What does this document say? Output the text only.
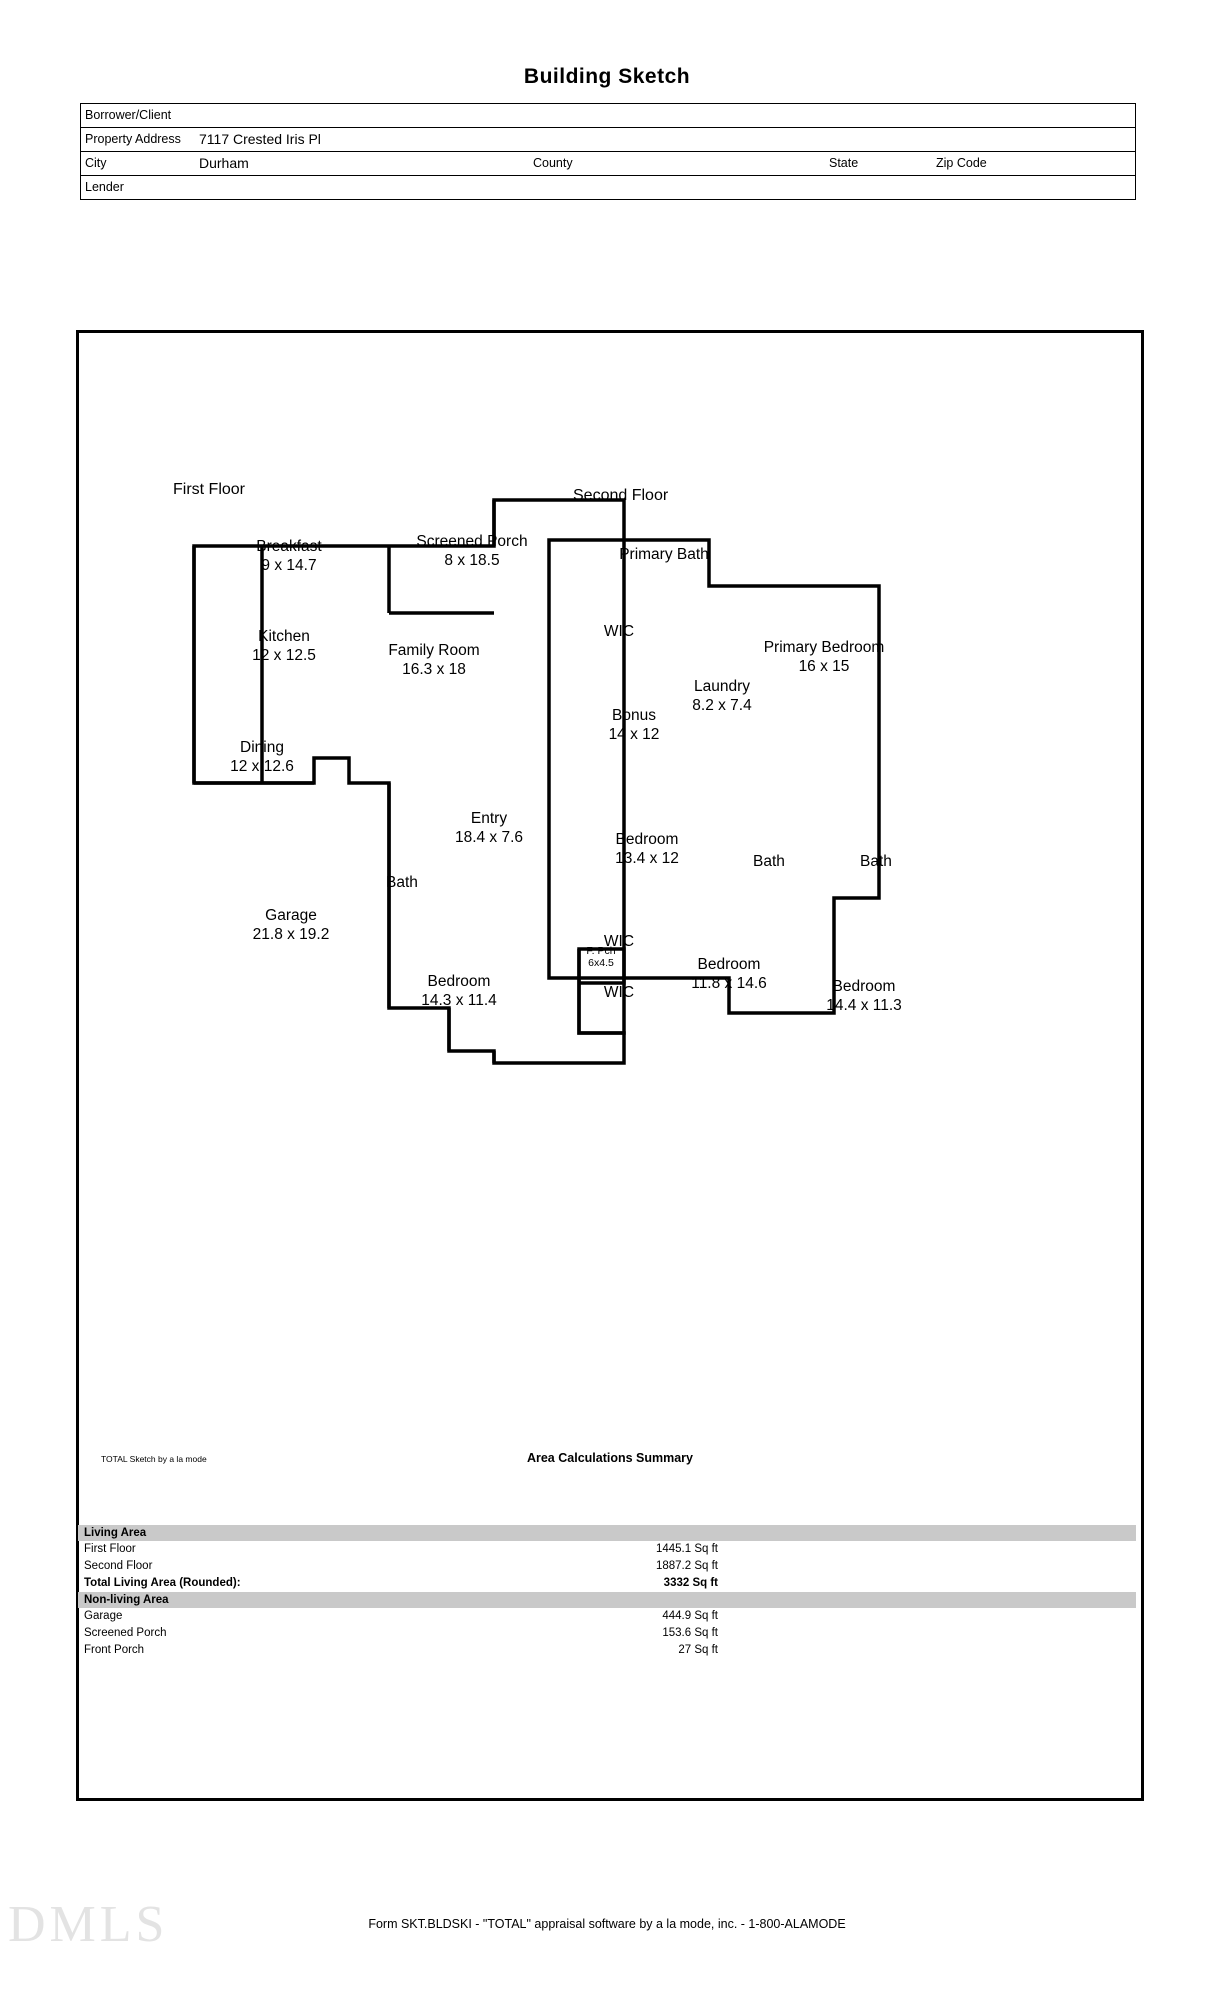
Building Sketch
Borrower/Client
Property Address 7117 Crested Iris Pl
City	Durham	County	State	Zip Code
Lender
First Floor	Second Floor
Breakfast
9 x 14.7
Screened Porch
8 x 18.5
Kitchen
12 x 12.5	Family Room
16.3 x 18
Dining
12 x 12.6
Entry
18.4 x 7.6
Bath
Garage
21.8 x 19.2
F. Pch
6x4.5
Bedroom
14.3 x 11.4
Primary Bath
WIC
Primary Bedroom
16 x 15
Laundry
8.2 x 7.4
Bonus
14 x 12
Bedroom
13.4 x 12	Bath	Bath
WIC
WIC
Bedroom
11.8 x 14.6	Bedroom
14.4 x 11.3
TOTAL Sketch by a la mode	Area Calculations Summary
Living Area
First Floor	1445.1 Sq ft
Second Floor	1887.2 Sq ft
Total Living Area (Rounded):	3332 Sq ft
Non-living Area
Garage	444.9 Sq ft
Screened Porch	153.6 Sq ft
Front Porch	27 Sq ft
DMLS	Form SKT.BLDSKI - "TOTAL" appraisal software by a la mode, inc. - 1-800-ALAMODE
